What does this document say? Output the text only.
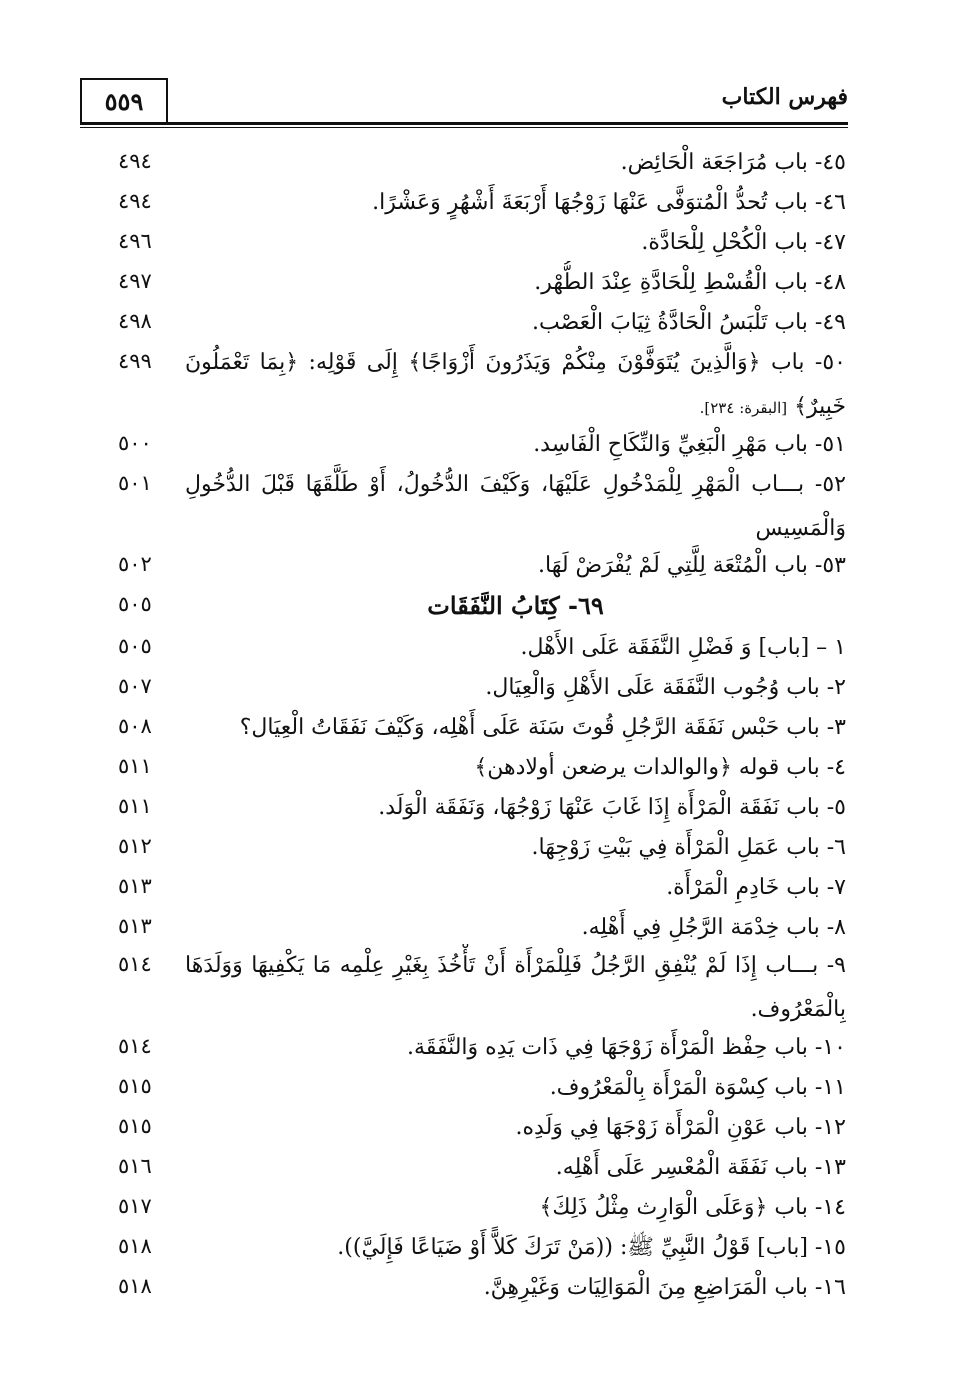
٥٥٩	فهرس الكتاب
٤٩٤	٤٥- باب مُرَاجَعَة الْحَائِض.
٤٩٤	٤٦- باب تُحدُّ الْمُتوَفَّى عَنْهَا زَوْجُهَا أَرْبَعَةَ أَشْهُرٍ وَعَشْرًا.
٤٩٦	٤٧- باب الْكُحْلِ لِلْحَادَّة.
٤٩٧	٤٨- باب الْقُسْطِ لِلْحَادَّةِ عِنْدَ الطُّهْر.
٤٩٨	٤٩- باب تَلْبَسُ الْحَادَّةُ ثِيَابَ الْعَصْب.
٤٩٩	٥٠- باب ﴿وَالَّذِينَ يُتَوَفَّوْنَ مِنْكُمْ وَيَذَرُونَ أَزْوَاجًا﴾ إِلَى قَوْلِه: ﴿بِمَا تَعْمَلُونَ خَبِيرٌ﴾ [البقرة: ٢٣٤].
٥٠٠	٥١- باب مَهْرِ الْبَغِيِّ وَالنِّكَاحِ الْفَاسِد.
٥٠١	٥٢- بـــاب الْمَهْرِ لِلْمَدْخُولِ عَلَيْهَا، وَكَيْفَ الدُّخُولُ، أَوْ طَلَّقَهَا قَبْلَ الدُّخُولِ وَالْمَسِيس
٥٠٢	٥٣- باب الْمُتْعَة لِلَّتِي لَمْ يُفْرَضْ لَهَا.
٥٠٥	٦٩- كِتَابُ النَّفَقَات
٥٠٥	١ – [باب] وَ فَضْلِ النَّفَقَة عَلَى الأَهْل.
٥٠٧	٢- باب وُجُوب النَّفَقَة عَلَى الأَهْلِ وَالْعِيَال.
٥٠٨	٣- باب حَبْس نَفَقَة الرَّجُلِ قُوتَ سَنَة عَلَى أَهْلِه، وَكَيْفَ نَفَقَاتُ الْعِيَال؟
٥١١	٤- باب قوله ﴿والوالدات يرضعن أولادهن﴾
٥١١	٥- باب نَفَقَة الْمَرْأَة إِذَا غَابَ عَنْهَا زَوْجُهَا، وَنَفَقَة الْوَلَد.
٥١٢	٦- باب عَمَلِ الْمَرْأَة فِي بَيْتِ زَوْجِهَا.
٥١٣	٧- باب خَادِمِ الْمَرْأَة.
٥١٣	٨- باب خِدْمَة الرَّجُلِ فِي أَهْلِه.
٥١٤	٩- بـــاب إِذَا لَمْ يُنْفِقِ الرَّجُلُ فَلِلْمَرْأَة أَنْ تَأْخُذَ بِغَيْرِ عِلْمِه مَا يَكْفِيهَا وَوَلَدَهَا بِالْمَعْرُوف.
٥١٤	١٠- باب حِفْظ الْمَرْأَة زَوْجَهَا فِي ذَات يَدِه وَالنَّفَقَة.
٥١٥	١١- باب كِسْوَة الْمَرْأَة بِالْمَعْرُوف.
٥١٥	١٢- باب عَوْنِ الْمَرْأَة زَوْجَهَا فِي وَلَدِه.
٥١٦	١٣- باب نَفَقَة الْمُعْسِر عَلَى أَهْلِه.
٥١٧	١٤- باب ﴿وَعَلَى الْوَارِث مِثْلُ ذَلِكَ﴾
٥١٨	١٥- [باب] قَوْلُ النَّبِيِّ ﷺ: ((مَنْ تَرَكَ كَلاًّ أَوْ ضَيَاعًا فَإِلَيَّ)).
٥١٨	١٦- باب الْمَرَاضِعِ مِنَ الْمَوَالِيَات وَغَيْرِهِنَّ.
